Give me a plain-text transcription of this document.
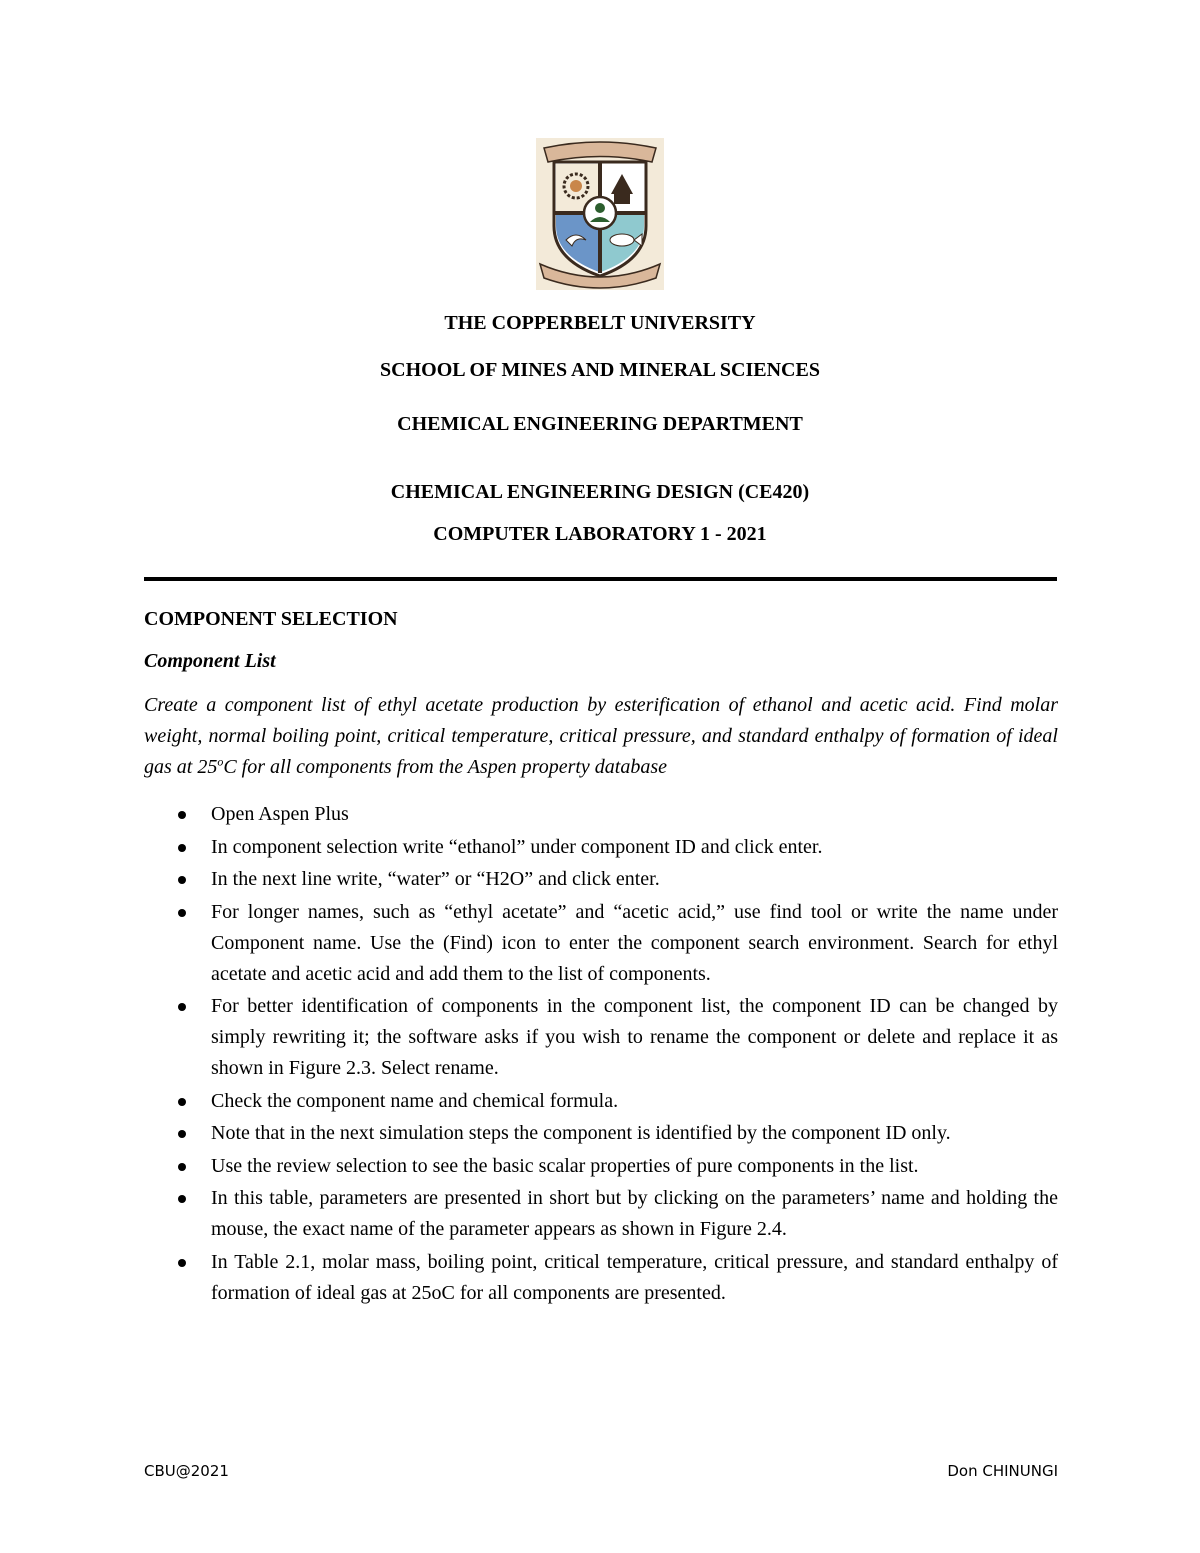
THE COPPERBELT UNIVERSITY
SCHOOL OF MINES AND MINERAL SCIENCES
CHEMICAL ENGINEERING DEPARTMENT
CHEMICAL ENGINEERING DESIGN (CE420)
COMPUTER LABORATORY 1 - 2021
COMPONENT SELECTION
Component List

Create a component list of ethyl acetate production by esterification of ethanol and acetic acid. Find molar weight, normal boiling point, critical temperature, critical pressure, and standard enthalpy of formation of ideal gas at 25$^o$C for all components from the Aspen property database

Open Aspen Plus
In component selection write “ethanol” under component ID and click enter.
In the next line write, “water” or “H2O” and click enter.
For longer names, such as “ethyl acetate” and “acetic acid,” use find tool or write the name under Component name. Use the (Find) icon to enter the component search environment. Search for ethyl acetate and acetic acid and add them to the list of components.
For better identification of components in the component list, the component ID can be changed by simply rewriting it; the software asks if you wish to rename the component or delete and replace it as shown in Figure 2.3. Select rename.
Check the component name and chemical formula.
Note that in the next simulation steps the component is identified by the component ID only.
Use the review selection to see the basic scalar properties of pure components in the list.
In this table, parameters are presented in short but by clicking on the parameters’ name and holding the mouse, the exact name of the parameter appears as shown in Figure 2.4.
In Table 2.1, molar mass, boiling point, critical temperature, critical pressure, and standard enthalpy of formation of ideal gas at 25oC for all components are presented.
CBU@2021	Don CHINUNGI
